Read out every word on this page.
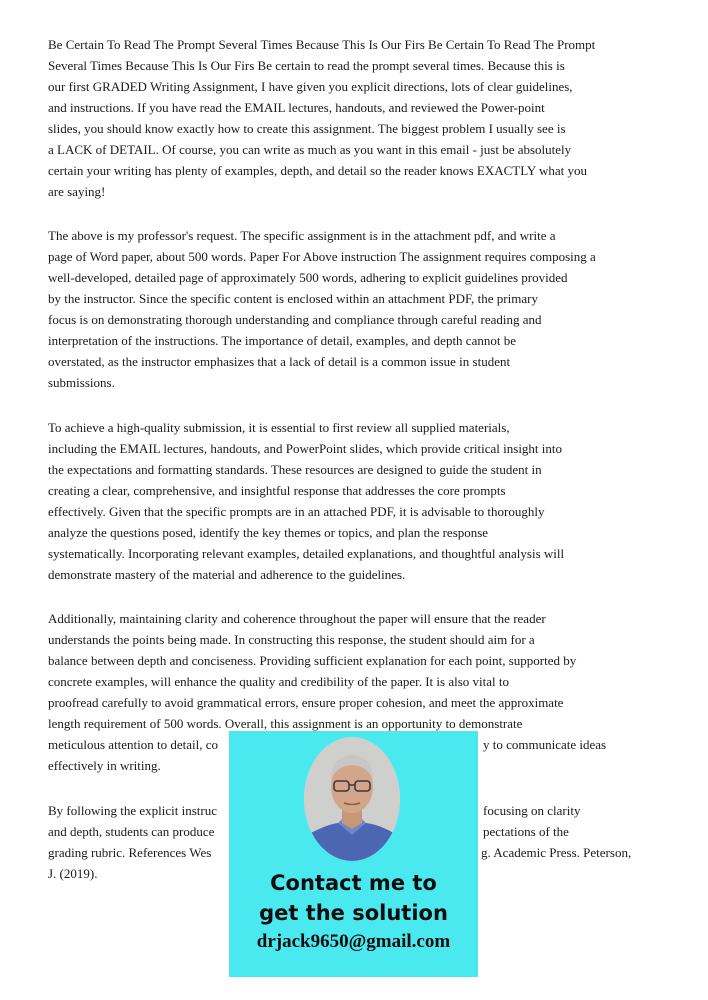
Be Certain To Read The Prompt Several Times Because This Is Our Firs Be Certain To Read The Prompt
Several Times Because This Is Our Firs Be certain to read the prompt several times. Because this is
our first GRADED Writing Assignment, I have given you explicit directions, lots of clear guidelines,
and instructions. If you have read the EMAIL lectures, handouts, and reviewed the Power-point
slides, you should know exactly how to create this assignment. The biggest problem I usually see is
a LACK of DETAIL. Of course, you can write as much as you want in this email - just be absolutely
certain your writing has plenty of examples, depth, and detail so the reader knows EXACTLY what you
are saying!
The above is my professor's request. The specific assignment is in the attachment pdf, and write a
page of Word paper, about 500 words. Paper For Above instruction The assignment requires composing a
well-developed, detailed page of approximately 500 words, adhering to explicit guidelines provided
by the instructor. Since the specific content is enclosed within an attachment PDF, the primary
focus is on demonstrating thorough understanding and compliance through careful reading and
interpretation of the instructions. The importance of detail, examples, and depth cannot be
overstated, as the instructor emphasizes that a lack of detail is a common issue in student
submissions.
To achieve a high-quality submission, it is essential to first review all supplied materials,
including the EMAIL lectures, handouts, and PowerPoint slides, which provide critical insight into
the expectations and formatting standards. These resources are designed to guide the student in
creating a clear, comprehensive, and insightful response that addresses the core prompts
effectively. Given that the specific prompts are in an attached PDF, it is advisable to thoroughly
analyze the questions posed, identify the key themes or topics, and plan the response
systematically. Incorporating relevant examples, detailed explanations, and thoughtful analysis will
demonstrate mastery of the material and adherence to the guidelines.
Additionally, maintaining clarity and coherence throughout the paper will ensure that the reader
understands the points being made. In constructing this response, the student should aim for a
balance between depth and conciseness. Providing sufficient explanation for each point, supported by
concrete examples, will enhance the quality and credibility of the paper. It is also vital to
proofread carefully to avoid grammatical errors, ensure proper cohesion, and meet the approximate
length requirement of 500 words. Overall, this assignment is an opportunity to demonstrate
meticulous attention to detail, co
effectively in writing.
By following the explicit instruc
and depth, students can produce
grading rubric. References Wes
J. (2019).
y to communicate ideas
focusing on clarity
pectations of the
g. Academic Press. Peterson,
Contact me to
get the solution
drjack9650@gmail.com
